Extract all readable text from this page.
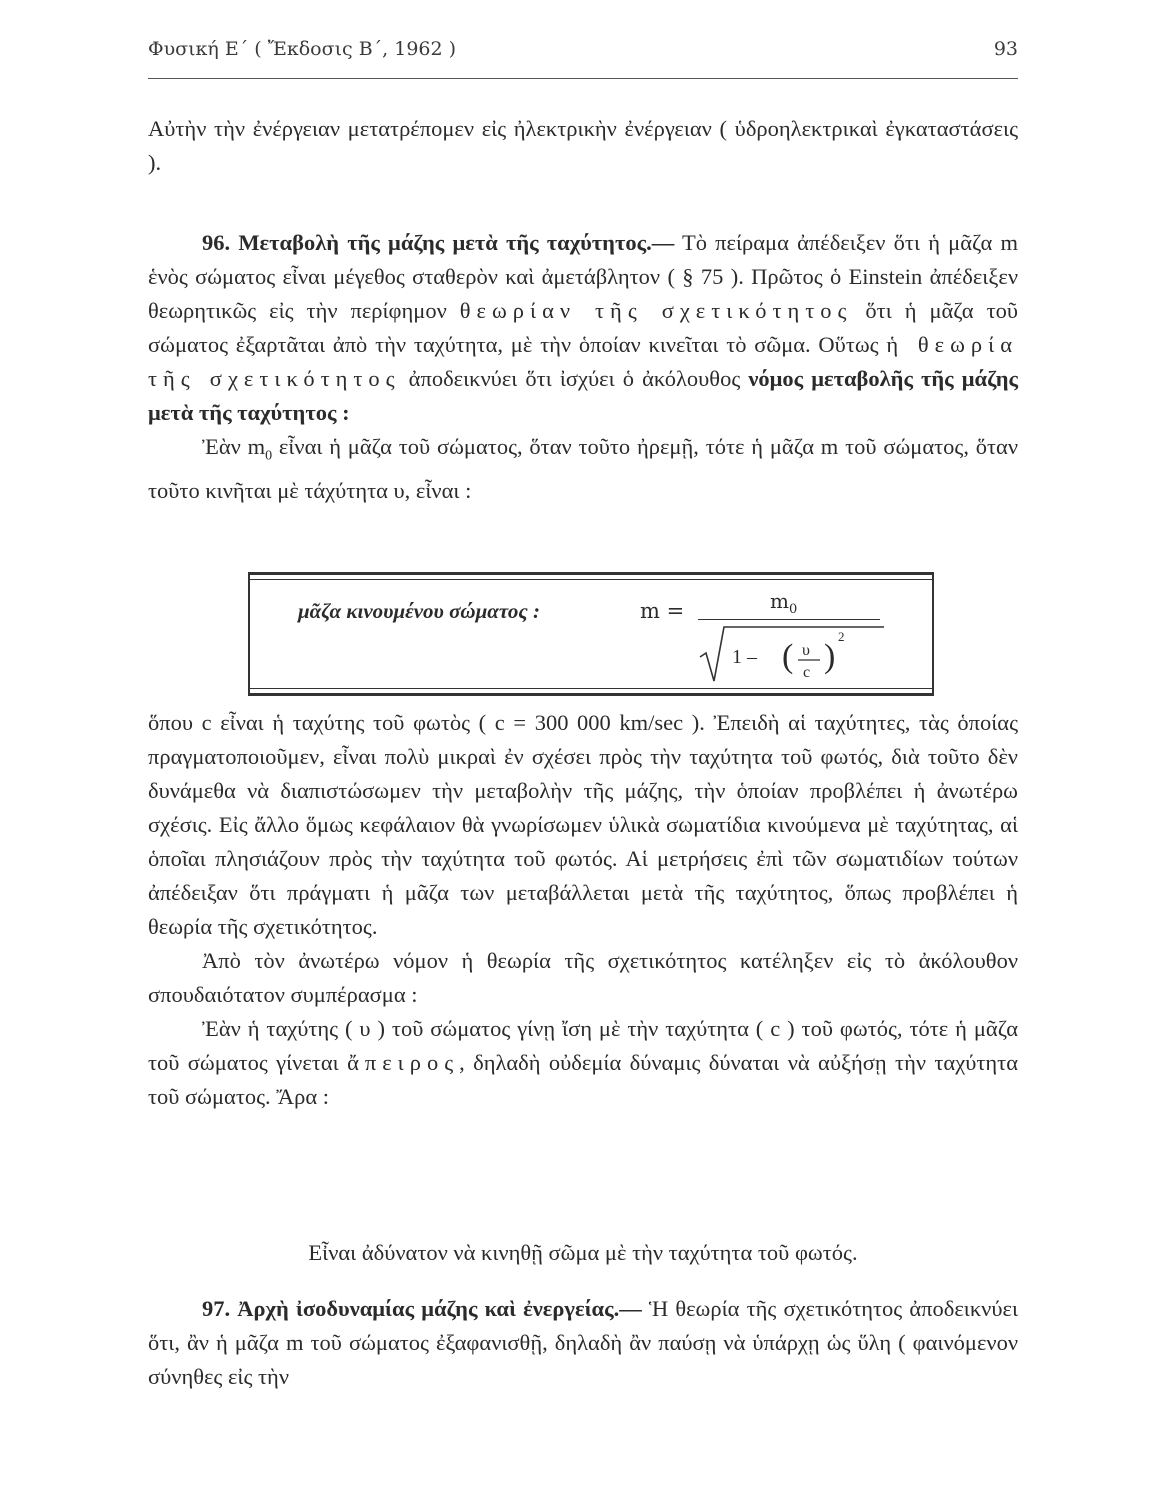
Φυσική Ε΄ ( Ἔκδοσις Β΄, 1962 )	93

Αὐτὴν τὴν ἐνέργειαν μετατρέπομεν εἰς ἠλεκτρικὴν ἐνέργειαν ( ὑδροηλεκτρικαὶ ἐγκαταστάσεις ).

96. Μεταβολὴ τῆς μάζης μετὰ τῆς ταχύτητος.— Τὸ πείραμα ἀπέδειξεν ὅτι ἡ μᾶζα m ἑνὸς σώματος εἶναι μέγεθος σταθερὸν καὶ ἀμετάβλητον ( § 75 ). Πρῶτος ὁ Einstein ἀπέδειξεν θεωρητικῶς εἰς τὴν περίφημον θεωρίαν τῆς σχετικότητος ὅτι ἡ μᾶζα τοῦ σώματος ἐξαρτᾶται ἀπὸ τὴν ταχύτητα, μὲ τὴν ὁποίαν κινεῖται τὸ σῶμα. Οὕτως ἡ θεωρία τῆς σχετικότητος ἀποδεικνύει ὅτι ἰσχύει ὁ ἀκόλουθος νόμος μεταβολῆς τῆς μάζης μετὰ τῆς ταχύτητος :

Ἐὰν $m_0$ εἶναι ἡ μᾶζα τοῦ σώματος, ὅταν τοῦτο ἠρεμῇ, τότε ἡ μᾶζα m τοῦ σώματος, ὅταν τοῦτο κινῆται μὲ τάχύτητα υ, εἶναι :

μᾶζα κινουμένου σώματος :	m =	$m_0$
1 – ( υ
c )
2

ὅπου c εἶναι ἡ ταχύτης τοῦ φωτὸς ( c = 300 000 km/sec ). Ἐπειδὴ αἱ ταχύτητες, τὰς ὁποίας πραγματοποιοῦμεν, εἶναι πολὺ μικραὶ ἐν σχέσει πρὸς τὴν ταχύτητα τοῦ φωτός, διὰ τοῦτο δὲν δυνάμεθα νὰ διαπιστώσωμεν τὴν μεταβολὴν τῆς μάζης, τὴν ὁποίαν προβλέπει ἡ ἀνωτέρω σχέσις. Εἰς ἄλλο ὅμως κεφάλαιον θὰ γνωρίσωμεν ὑλικὰ σωματίδια κινούμενα μὲ ταχύτητας, αἱ ὁποῖαι πλησιάζουν πρὸς τὴν ταχύτητα τοῦ φωτός. Αἱ μετρήσεις ἐπὶ τῶν σωματιδίων τούτων ἀπέδειξαν ὅτι πράγματι ἡ μᾶζα των μεταβάλλεται μετὰ τῆς ταχύτητος, ὅπως προβλέπει ἡ θεωρία τῆς σχετικότητος.

Ἀπὸ τὸν ἀνωτέρω νόμον ἡ θεωρία τῆς σχετικότητος κατέληξεν εἰς τὸ ἀκόλουθον σπουδαιότατον συμπέρασμα :

Ἐὰν ἡ ταχύτης ( υ ) τοῦ σώματος γίνῃ ἴση μὲ τὴν ταχύτητα ( c ) τοῦ φωτός, τότε ἡ μᾶζα τοῦ σώματος γίνεται ἄπειρος, δηλαδὴ οὐδεμία δύναμις δύναται νὰ αὐξήσῃ τὴν ταχύτητα τοῦ σώματος. Ἄρα :

Εἶναι ἀδύνατον νὰ κινηθῇ σῶμα μὲ τὴν ταχύτητα τοῦ φωτός.

97. Ἀρχὴ ἰσοδυναμίας μάζης καὶ ἐνεργείας.— Ἡ θεωρία τῆς σχετικότητος ἀποδεικνύει ὅτι, ἂν ἡ μᾶζα m τοῦ σώματος ἐξαφανισθῇ, δηλαδὴ ἂν παύσῃ νὰ ὑπάρχῃ ὡς ὕλη ( φαινόμενον σύνηθες εἰς τὴν
